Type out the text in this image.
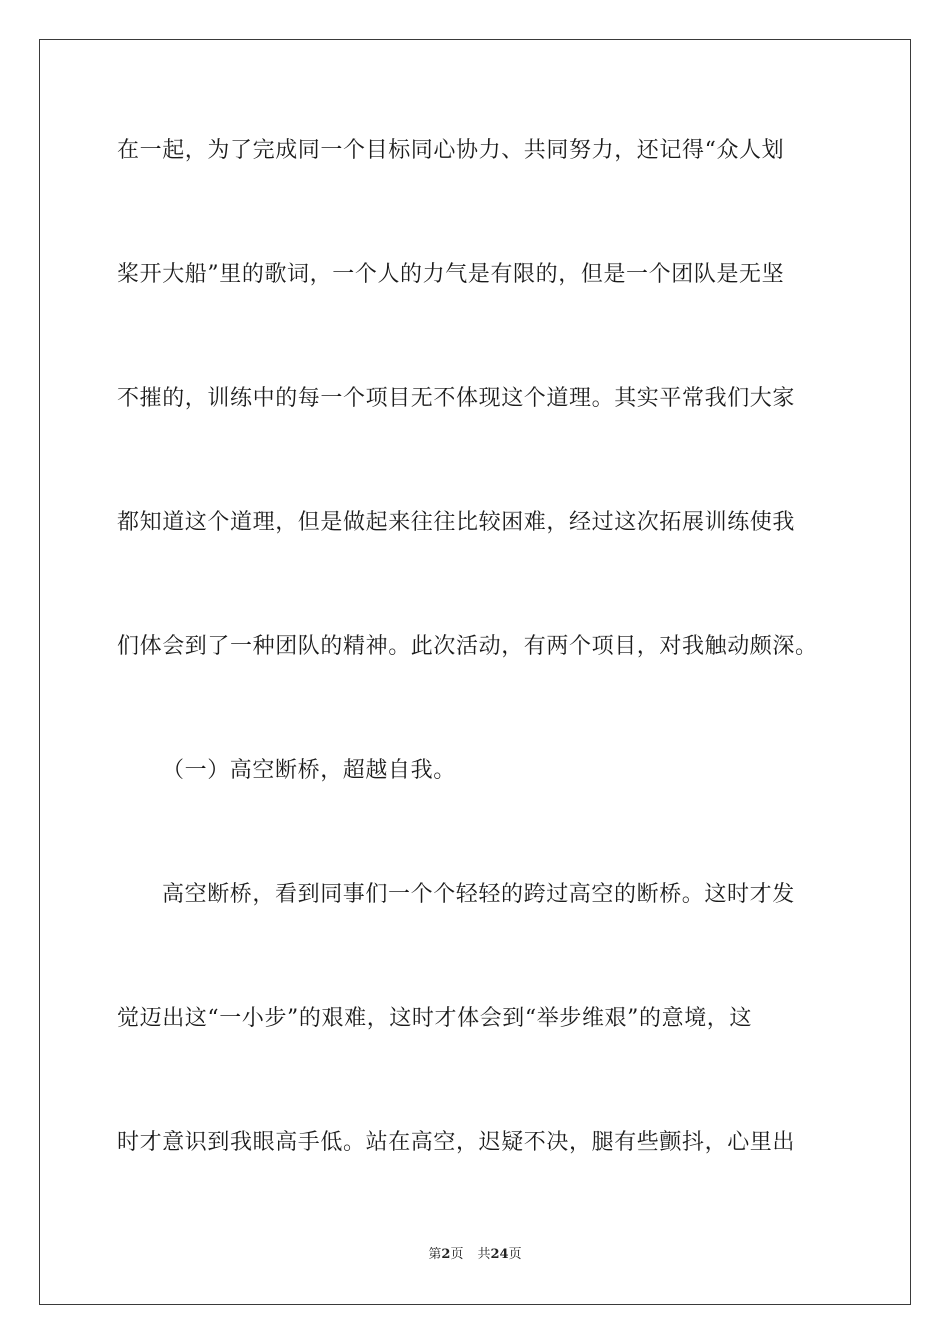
在一起，为了完成同一个目标同心协力、共同努力，还记得“众人划
桨开大船”里的歌词，一个人的力气是有限的，但是一个团队是无坚
不摧的，训练中的每一个项目无不体现这个道理。其实平常我们大家
都知道这个道理，但是做起来往往比较困难，经过这次拓展训练使我
们体会到了一种团队的精神。此次活动，有两个项目，对我触动颇深。
（一）高空断桥，超越自我。
高空断桥，看到同事们一个个轻轻的跨过高空的断桥。这时才发
觉迈出这“一小步”的艰难，这时才体会到“举步维艰”的意境，这
时才意识到我眼高手低。站在高空，迟疑不决，腿有些颤抖，心里出
第2页 共24页
